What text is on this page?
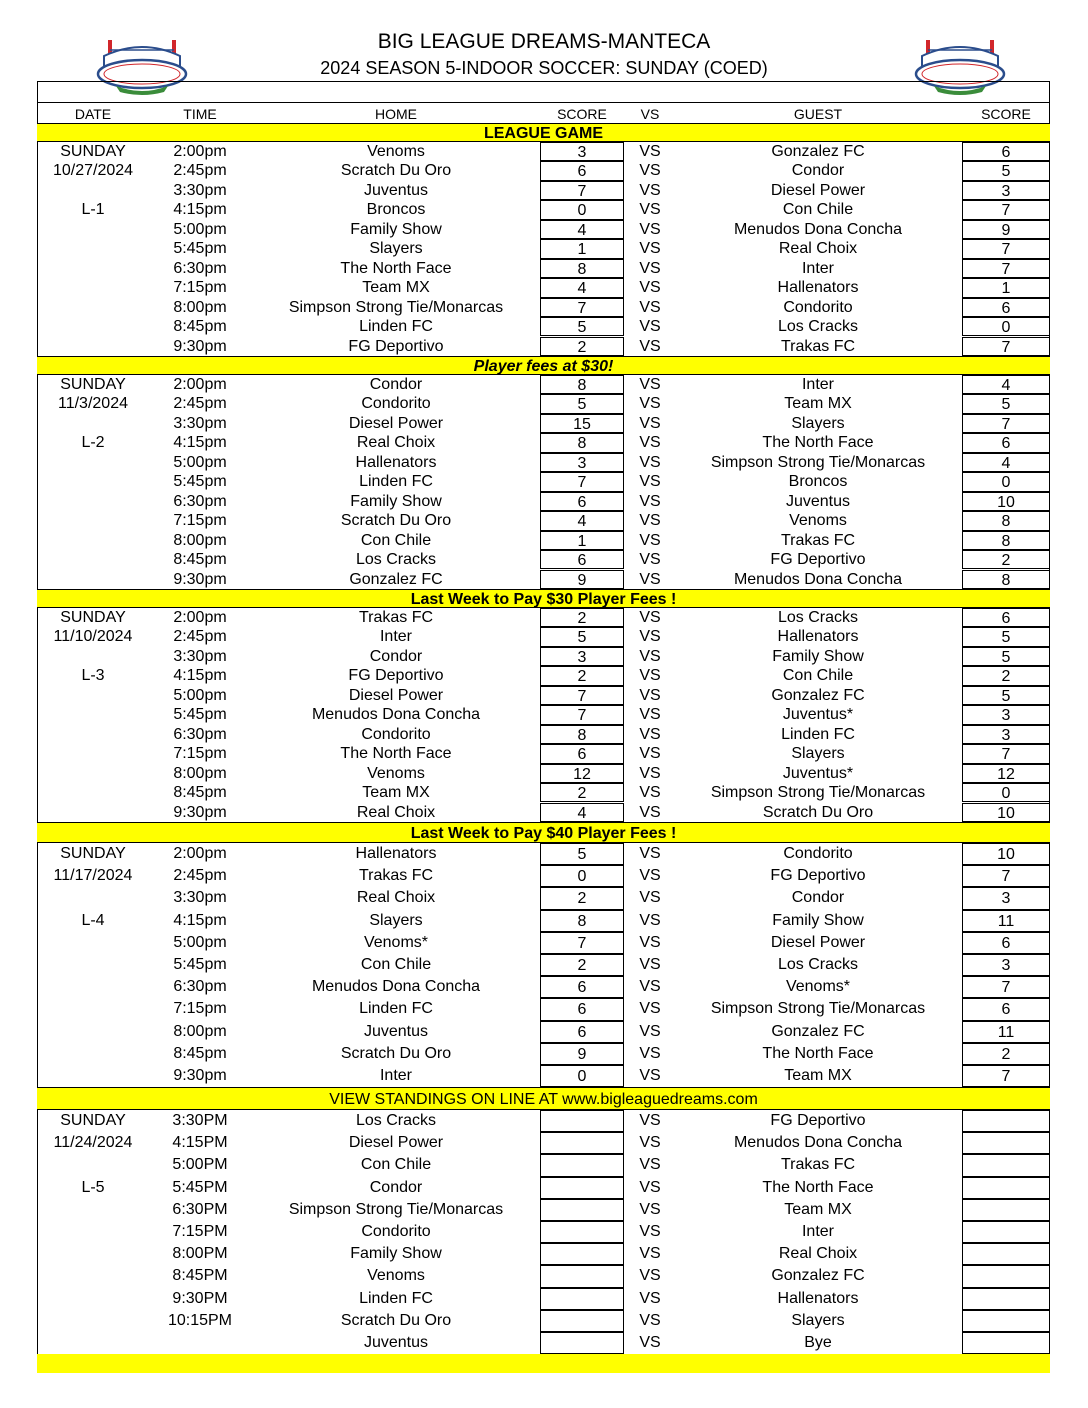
BIG LEAGUE DREAMS-MANTECA
2024 SEASON 5-INDOOR SOCCER: SUNDAY (COED)
DATE	TIME	HOME	SCORE	VS	GUEST	SCORE
LEAGUE GAME
SUNDAY
10/27/2024
L-1
2:00pm	Venoms	3	VS	Gonzalez FC	6
2:45pm	Scratch Du Oro	6	VS	Condor	5
3:30pm	Juventus	7	VS	Diesel Power	3
4:15pm	Broncos	0	VS	Con Chile	7
5:00pm	Family Show	4	VS	Menudos Dona Concha	9
5:45pm	Slayers	1	VS	Real Choix	7
6:30pm	The North Face	8	VS	Inter	7
7:15pm	Team MX	4	VS	Hallenators	1
8:00pm	Simpson Strong Tie/Monarcas	7	VS	Condorito	6
8:45pm	Linden FC	5	VS	Los Cracks	0
9:30pm	FG Deportivo	2	VS	Trakas FC	7
Player fees at $30!
SUNDAY
11/3/2024
L-2
2:00pm	Condor	8	VS	Inter	4
2:45pm	Condorito	5	VS	Team MX	5
3:30pm	Diesel Power	15	VS	Slayers	7
4:15pm	Real Choix	8	VS	The North Face	6
5:00pm	Hallenators	3	VS	Simpson Strong Tie/Monarcas	4
5:45pm	Linden FC	7	VS	Broncos	0
6:30pm	Family Show	6	VS	Juventus	10
7:15pm	Scratch Du Oro	4	VS	Venoms	8
8:00pm	Con Chile	1	VS	Trakas FC	8
8:45pm	Los Cracks	6	VS	FG Deportivo	2
9:30pm	Gonzalez FC	9	VS	Menudos Dona Concha	8
Last Week to Pay $30 Player Fees !
SUNDAY
11/10/2024
L-3
2:00pm	Trakas FC	2	VS	Los Cracks	6
2:45pm	Inter	5	VS	Hallenators	5
3:30pm	Condor	3	VS	Family Show	5
4:15pm	FG Deportivo	2	VS	Con Chile	2
5:00pm	Diesel Power	7	VS	Gonzalez FC	5
5:45pm	Menudos Dona Concha	7	VS	Juventus*	3
6:30pm	Condorito	8	VS	Linden FC	3
7:15pm	The North Face	6	VS	Slayers	7
8:00pm	Venoms	12	VS	Juventus*	12
8:45pm	Team MX	2	VS	Simpson Strong Tie/Monarcas	0
9:30pm	Real Choix	4	VS	Scratch Du Oro	10
Last Week to Pay $40 Player Fees !
SUNDAY
11/17/2024
L-4
2:00pm	Hallenators	5	VS	Condorito	10
2:45pm	Trakas FC	0	VS	FG Deportivo	7
3:30pm	Real Choix	2	VS	Condor	3
4:15pm	Slayers	8	VS	Family Show	11
5:00pm	Venoms*	7	VS	Diesel Power	6
5:45pm	Con Chile	2	VS	Los Cracks	3
6:30pm	Menudos Dona Concha	6	VS	Venoms*	7
7:15pm	Linden FC	6	VS	Simpson Strong Tie/Monarcas	6
8:00pm	Juventus	6	VS	Gonzalez FC	11
8:45pm	Scratch Du Oro	9	VS	The North Face	2
9:30pm	Inter	0	VS	Team MX	7
VIEW STANDINGS ON LINE AT www.bigleaguedreams.com
SUNDAY
11/24/2024
L-5
3:30PM	Los Cracks	VS	FG Deportivo
4:15PM	Diesel Power	VS	Menudos Dona Concha
5:00PM	Con Chile	VS	Trakas FC
5:45PM	Condor	VS	The North Face
6:30PM	Simpson Strong Tie/Monarcas	VS	Team MX
7:15PM	Condorito	VS	Inter
8:00PM	Family Show	VS	Real Choix
8:45PM	Venoms	VS	Gonzalez FC
9:30PM	Linden FC	VS	Hallenators
10:15PM	Scratch Du Oro	VS	Slayers
Juventus	VS	Bye
